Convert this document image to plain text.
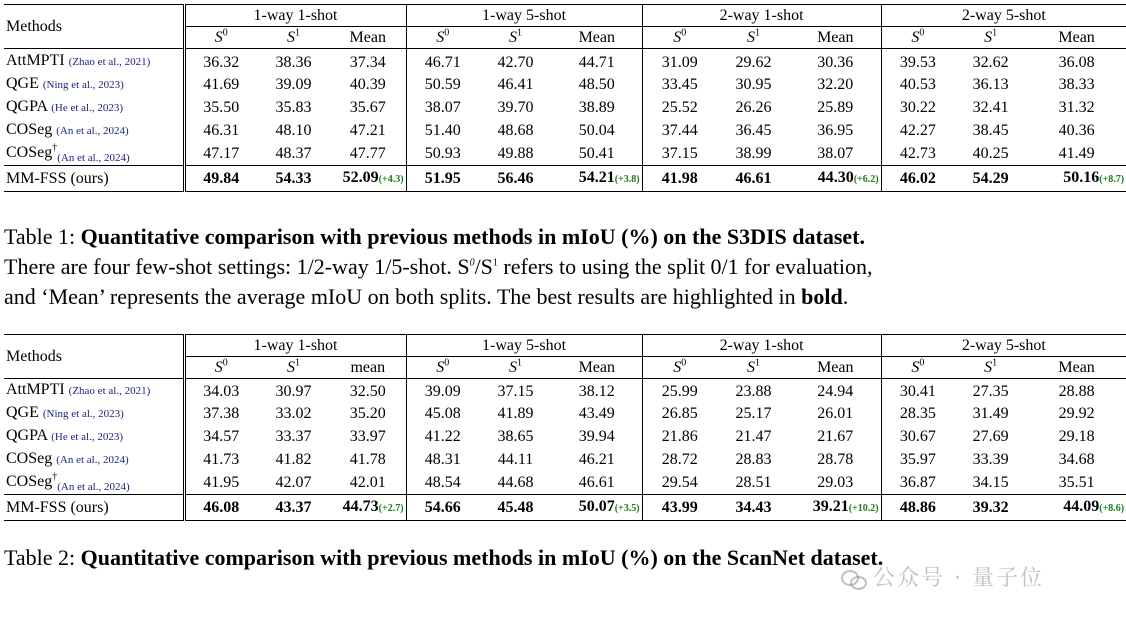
Methods	1-way 1-shot			1-way 5-shot			2-way 1-shot			2-way 5-shot		
	$S^0$	$S^1$	Mean	$S^0$	$S^1$	Mean	$S^0$	$S^1$	Mean	$S^0$	$S^1$	Mean
AttMPTI (Zhao et al., 2021)	36.32	38.36	37.34	46.71	42.70	44.71	31.09	29.62	30.36	39.53	32.62	36.08
QGE (Ning et al., 2023)	41.69	39.09	40.39	50.59	46.41	48.50	33.45	30.95	32.20	40.53	36.13	38.33
QGPA (He et al., 2023)	35.50	35.83	35.67	38.07	39.70	38.89	25.52	26.26	25.89	30.22	32.41	31.32
COSeg (An et al., 2024)	46.31	48.10	47.21	51.40	48.68	50.04	37.44	36.45	36.95	42.27	38.45	40.36
COSeg†$_{(An et al., 2024)}$	47.17	48.37	47.77	50.93	49.88	50.41	37.15	38.99	38.07	42.73	40.25	41.49
MM-FSS (ours)	49.84	54.33	52.09(+4.3)	51.95	56.46	54.21(+3.8)	41.98	46.61	44.30(+6.2)	46.02	54.29	50.16(+8.7)

Table 1: Quantitative comparison with previous methods in mIoU (%) on the S3DIS dataset.
There are four few-shot settings: 1/2-way 1/5-shot. $S^0/S^1$ refers to using the split 0/1 for evaluation,
and ‘Mean’ represents the average mIoU on both splits. The best results are highlighted in bold.

Methods	1-way 1-shot			1-way 5-shot			2-way 1-shot			2-way 5-shot		
	$S^0$	$S^1$	mean	$S^0$	$S^1$	Mean	$S^0$	$S^1$	Mean	$S^0$	$S^1$	Mean
AttMPTI (Zhao et al., 2021)	34.03	30.97	32.50	39.09	37.15	38.12	25.99	23.88	24.94	30.41	27.35	28.88
QGE (Ning et al., 2023)	37.38	33.02	35.20	45.08	41.89	43.49	26.85	25.17	26.01	28.35	31.49	29.92
QGPA (He et al., 2023)	34.57	33.37	33.97	41.22	38.65	39.94	21.86	21.47	21.67	30.67	27.69	29.18
COSeg (An et al., 2024)	41.73	41.82	41.78	48.31	44.11	46.21	28.72	28.83	28.78	35.97	33.39	34.68
COSeg†$_{(An et al., 2024)}$	41.95	42.07	42.01	48.54	44.68	46.61	29.54	28.51	29.03	36.87	34.15	35.51
MM-FSS (ours)	46.08	43.37	44.73(+2.7)	54.66	45.48	50.07(+3.5)	43.99	34.43	39.21(+10.2)	48.86	39.32	44.09(+8.6)

Table 2: Quantitative comparison with previous methods in mIoU (%) on the ScanNet dataset.

公众号 · 量子位
